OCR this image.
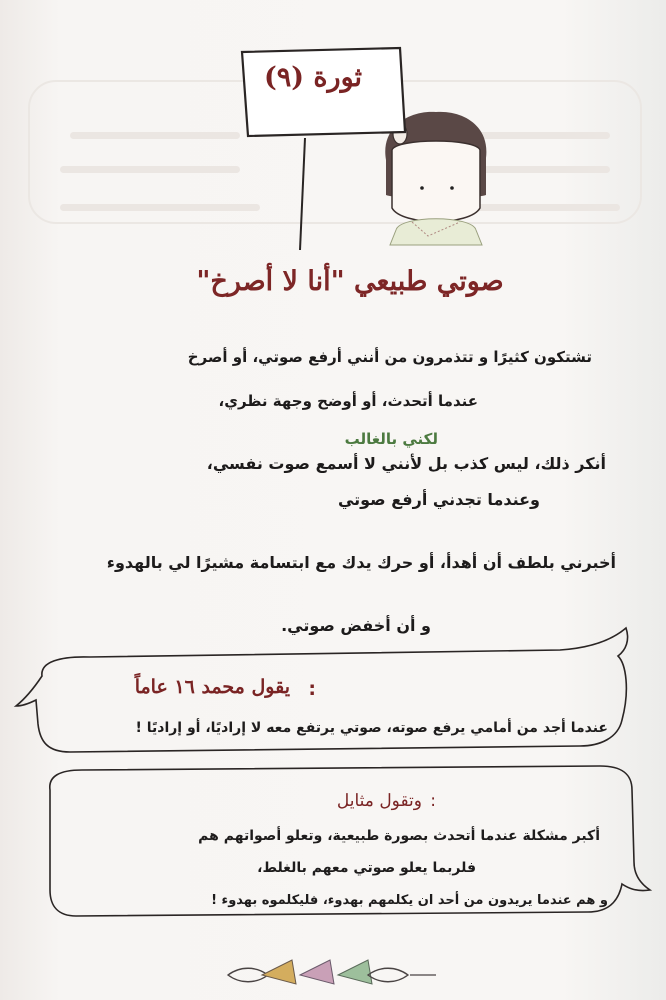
ثورة (٩)
صوتي طبيعي "أنا لا أصرخ"
تشتكون كثيرًا و تتذمرون من أنني أرفع صوتي، أو أصرخ
عندما أتحدث، أو أوضح وجهة نظري،
لكني بالغالب
أنكر ذلك، ليس كذب بل لأنني لا أسمع صوت نفسي،
وعندما تجدني أرفع صوتي
أخبرني بلطف أن أهدأ، أو حرك يدك مع ابتسامة مشيرًا لي بالهدوء
و أن أخفض صوتي.
يقول محمد ١٦ عاماً :
عندما أجد من أمامي يرفع صوته، صوتي يرتفع معه لا إراديًا، أو إراديًا !
وتقول مثايل :
أكبر مشكلة عندما أتحدث بصورة طبيعية، وتعلو أصواتهم هم
فلربما يعلو صوتي معهم بالغلط،
و هم عندما يريدون من أحد ان يكلمهم بهدوء، فليكلموه بهدوء !
